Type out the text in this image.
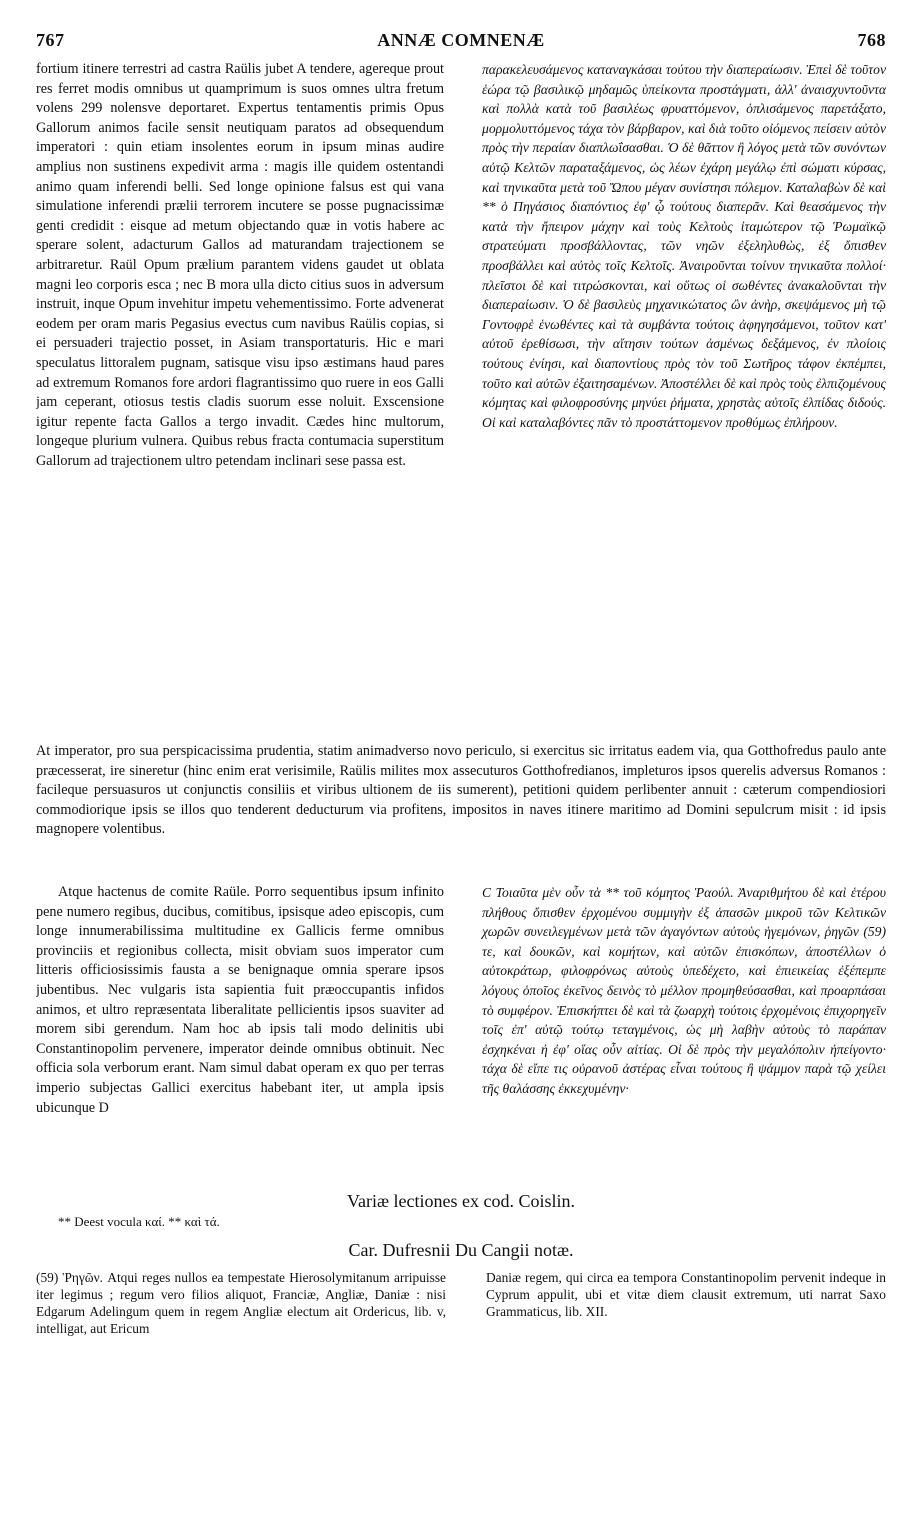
767	ANNÆ COMNENÆ	768

fortium itinere terrestri ad castra Raülis jubet A tendere, agereque prout res ferret modis omnibus ut quamprimum is suos omnes ultra fretum volens 299 nolensve deportaret. Expertus tentamentis primis Opus Gallorum animos facile sensit neutiquam paratos ad obsequendum imperatori : quin etiam insolentes eorum in ipsum minas audire amplius non sustinens expedivit arma : magis ille quidem ostentandi animo quam inferendi belli. Sed longe opinione falsus est qui vana simulatione inferendi prælii terrorem incutere se posse pugnacissimæ genti credidit : eisque ad metum objectando quæ in votis habere ac sperare solent, adacturum Gallos ad maturandam trajectionem se arbitraretur. Raül Opum prælium parantem videns gaudet ut oblata magni leo corporis esca ; nec B mora ulla dicto citius suos in adversum instruit, inque Opum invehitur impetu vehementissimo. Forte advenerat eodem per oram maris Pegasius evectus cum navibus Raülis copias, si ei persuaderi trajectio posset, in Asiam transportaturis. Hic e mari speculatus littoralem pugnam, satisque visu ipso æstimans haud pares ad extremum Romanos fore ardori flagrantissimo quo ruere in eos Galli jam ceperant, otiosus testis cladis suorum esse noluit. Exscensione igitur repente facta Gallos a tergo invadit. Cædes hinc multorum, longeque plurium vulnera. Quibus rebus fracta contumacia superstitum Gallorum ad trajectionem ultro petendam inclinari sese passa est.

παρακελευσάμενος καταναγκάσαι τούτου τὴν διαπεραίωσιν. Ἐπεὶ δὲ τοῦτον ἑώρα τῷ βασιλικῷ μηδαμῶς ὑπείκοντα προστάγματι, ἀλλ' ἀναισχυντοῦντα καὶ πολλὰ κατὰ τοῦ βασιλέως φρυαττόμενον, ὁπλισάμενος παρετάξατο, μορμολυττόμενος τάχα τὸν βάρβαρον, καὶ διὰ τοῦτο οἰόμενος πείσειν αὐτὸν πρὸς τὴν περαίαν διαπλωΐσασθαι. Ὁ δὲ θᾶττον ἢ λόγος μετὰ τῶν συνόντων αὐτῷ Κελτῶν παραταξάμενος, ὡς λέων ἐχάρη μεγάλῳ ἐπὶ σώματι κύρσας, καὶ τηνικαῦτα μετὰ τοῦ Ὤπου μέγαν συνίστησι πόλεμον. Καταλαβὼν δὲ καὶ ** ὁ Πηγάσιος διαπόντιος ἐφ' ᾧ τούτους διαπερᾶν. Καὶ θεασάμενος τὴν κατὰ τὴν ἤπειρον μάχην καὶ τοὺς Κελτοὺς ἰταμώτερον τῷ Ῥωμαϊκῷ στρατεύματι προσβάλλοντας, τῶν νηῶν ἐξεληλυθὼς, ἐξ ὄπισθεν προσβάλλει καὶ αὐτὸς τοῖς Κελτοῖς. Ἀναιροῦνται τοίνυν τηνικαῦτα πολλοί· πλεῖστοι δὲ καὶ τιτρώσκονται, καὶ οὕτως οἱ σωθέντες ἀνακαλοῦνται τὴν διαπεραίωσιν. Ὁ δὲ βασιλεὺς μηχανικώτατος ὢν ἀνὴρ, σκεψάμενος μὴ τῷ Γοντοφρὲ ἑνωθέντες καὶ τὰ συμβάντα τούτοις ἀφηγησάμενοι, τοῦτον κατ' αὐτοῦ ἐρεθίσωσι, τὴν αἴτησιν τούτων ἀσμένως δεξάμενος, ἐν πλοίοις τούτους ἐνίησι, καὶ διαποντίους πρὸς τὸν τοῦ Σωτῆρος τάφον ἐκπέμπει, τοῦτο καὶ αὐτῶν ἐξαιτησαμένων. Ἀποστέλλει δὲ καὶ πρὸς τοὺς ἐλπιζομένους κόμητας καὶ φιλοφροσύνης μηνύει ῥήματα, χρηστὰς αὐτοῖς ἐλπίδας διδούς. Οἱ καὶ καταλαβόντες πᾶν τὸ προστάττομενον προθύμως ἐπλήρουν.

At imperator, pro sua perspicacissima prudentia, statim animadverso novo periculo, si exercitus sic irritatus eadem via, qua Gotthofredus paulo ante præcesserat, ire sineretur (hinc enim erat verisimile, Raülis milites mox assecuturos Gotthofredianos, impleturos ipsos querelis adversus Romanos : facileque persuasuros ut conjunctis consiliis et viribus ultionem de iis sumerent), petitioni quidem perlibenter annuit : cæterum compendiosiori commodiorique ipsis se illos quo tenderent deducturum via profitens, impositos in naves itinere maritimo ad Domini sepulcrum misit : id ipsis magnopere volentibus.

Atque hactenus de comite Raüle. Porro sequentibus ipsum infinito pene numero regibus, ducibus, comitibus, ipsisque adeo episcopis, cum longe innumerabilissima multitudine ex Gallicis ferme omnibus provinciis et regionibus collecta, misit obviam suos imperator cum litteris officiosissimis fausta a se benignaque omnia sperare ipsos jubentibus. Nec vulgaris ista sapientia fuit præoccupantis infidos animos, et ultro repræsentata liberalitate pellicientis ipsos suaviter ad morem sibi gerendum. Nam hoc ab ipsis tali modo delinitis ubi Constantinopolim pervenere, imperator deinde omnibus obtinuit. Nec officia sola verborum erant. Nam simul dabat operam ex quo per terras imperio subjectas Gallici exercitus habebant iter, ut ampla ipsis ubicunque D

C Τοιαῦτα μὲν οὖν τὰ ** τοῦ κόμητος Ῥαούλ. Ἀναριθμήτου δὲ καὶ ἑτέρου πλήθους ὄπισθεν ἐρχομένου συμμιγὴν ἐξ ἁπασῶν μικροῦ τῶν Κελτικῶν χωρῶν συνειλεγμένων μετὰ τῶν ἀγαγόντων αὐτοὺς ἡγεμόνων, ῥηγῶν (59) τε, καὶ δουκῶν, καὶ κομήτων, καὶ αὐτῶν ἐπισκόπων, ἀποστέλλων ὁ αὐτοκράτωρ, φιλοφρόνως αὐτοὺς ὑπεδέχετο, καὶ ἐπιεικείας ἐξέπεμπε λόγους ὁποῖος ἐκεῖνος δεινὸς τὸ μέλλον προμηθεύσασθαι, καὶ προαρπάσαι τὸ συμφέρον. Ἐπισκήπτει δὲ καὶ τὰ ζωαρχὴ τούτοις ἐρχομένοις ἐπιχορηγεῖν τοῖς ἐπ' αὐτῷ τούτῳ τεταγμένοις, ὡς μὴ λαβὴν αὐτοὺς τὸ παράπαν ἐσχηκέναι ἠ ἐφ' οἵας οὖν αἰτίας. Οἱ δὲ πρὸς τὴν μεγαλόπολιν ἠπείγοντο· τάχα δὲ εἴπε τις οὐρανοῦ ἀστέρας εἶναι τούτους ἢ ψάμμον παρὰ τῷ χείλει τῆς θαλάσσης ἐκκεχυμένην·

Variæ lectiones ex cod. Coislin.
** Deest vocula καί. ** καὶ τά.
Car. Dufresnii Du Cangii notæ.

(59) Ῥηγῶν. Atqui reges nullos ea tempestate Hierosolymitanum arripuisse iter legimus ; regum vero filios aliquot, Franciæ, Angliæ, Daniæ : nisi Edgarum Adelingum quem in regem Angliæ electum ait Ordericus, lib. v, intelligat, aut Ericum

Daniæ regem, qui circa ea tempora Constantinopolim pervenit indeque in Cyprum appulit, ubi et vitæ diem clausit extremum, uti narrat Saxo Grammaticus, lib. XII.
